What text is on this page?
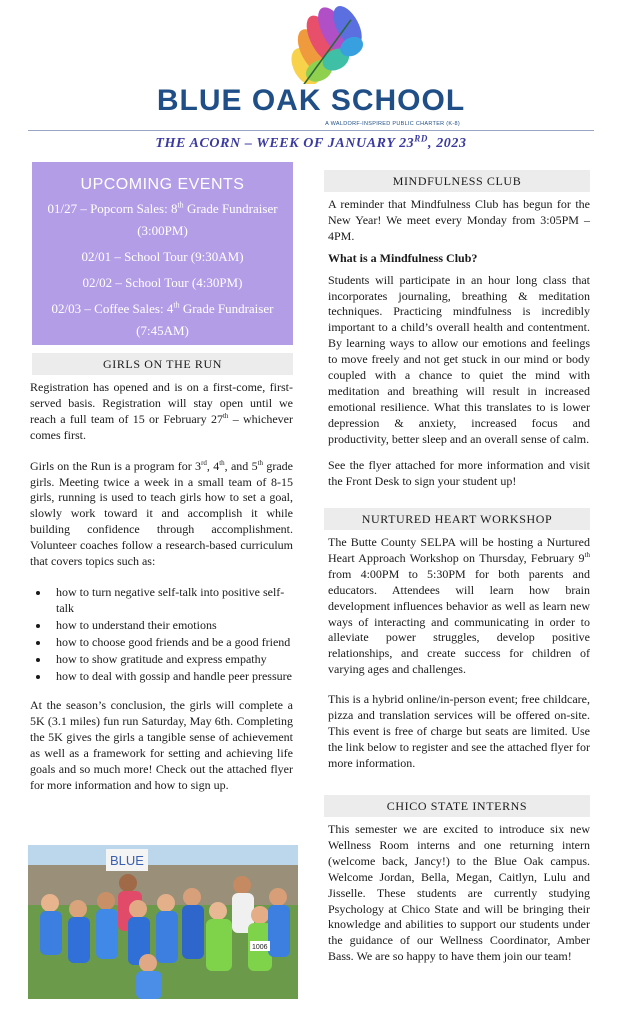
BLUE OAK SCHOOL
A WALDORF-INSPIRED PUBLIC CHARTER (K-8)
THE ACORN – WEEK OF JANUARY 23RD, 2023
UPCOMING EVENTS
01/27 – Popcorn Sales: 8th Grade Fundraiser (3:00PM)
02/01 – School Tour (9:30AM)
02/02 – School Tour (4:30PM)
02/03 – Coffee Sales: 4th Grade Fundraiser (7:45AM)
GIRLS ON THE RUN

Registration has opened and is on a first-come, first-served basis. Registration will stay open until we reach a full team of 15 or February 27th – whichever comes first.

Girls on the Run is a program for 3rd, 4th, and 5th grade girls. Meeting twice a week in a small team of 8-15 girls, running is used to teach girls how to set a goal, slowly work toward it and accomplish it while building confidence through accomplishment. Volunteer coaches follow a research-based curriculum that covers topics such as:

• how to turn negative self-talk into positive self-talk
• how to understand their emotions
• how to choose good friends and be a good friend
• how to show gratitude and express empathy
• how to deal with gossip and handle peer pressure

At the season’s conclusion, the girls will complete a 5K (3.1 miles) fun run Saturday, May 6th. Completing the 5K gives the girls a tangible sense of achievement as well as a framework for setting and achieving life goals and so much more! Check out the attached flyer for more information and how to sign up.

BLUE
1006
MINDFULNESS CLUB

A reminder that Mindfulness Club has begun for the New Year! We meet every Monday from 3:05PM – 4PM.

What is a Mindfulness Club?

Students will participate in an hour long class that incorporates journaling, breathing & meditation techniques. Practicing mindfulness is incredibly important to a child’s overall health and contentment. By learning ways to allow our emotions and feelings to move freely and not get stuck in our mind or body coupled with a chance to quiet the mind with meditation and breathing will result in increased emotional resilience. What this translates to is lower depression & anxiety, increased focus and productivity, better sleep and an overall sense of calm.

See the flyer attached for more information and visit the Front Desk to sign your student up!

NURTURED HEART WORKSHOP

The Butte County SELPA will be hosting a Nurtured Heart Approach Workshop on Thursday, February 9th from 4:00PM to 5:30PM for both parents and educators. Attendees will learn how brain development influences behavior as well as learn new ways of interacting and communicating in order to alleviate power struggles, develop positive relationships, and create success for children of varying ages and challenges.

This is a hybrid online/in-person event; free childcare, pizza and translation services will be offered on-site. This event is free of charge but seats are limited. Use the link below to register and see the attached flyer for more information.

CHICO STATE INTERNS

This semester we are excited to introduce six new Wellness Room interns and one returning intern (welcome back, Jancy!) to the Blue Oak campus. Welcome Jordan, Bella, Megan, Caitlyn, Lulu and Jisselle. These students are currently studying Psychology at Chico State and will be bringing their knowledge and abilities to support our students under the guidance of our Wellness Coordinator, Amber Bass. We are so happy to have them join our team!
